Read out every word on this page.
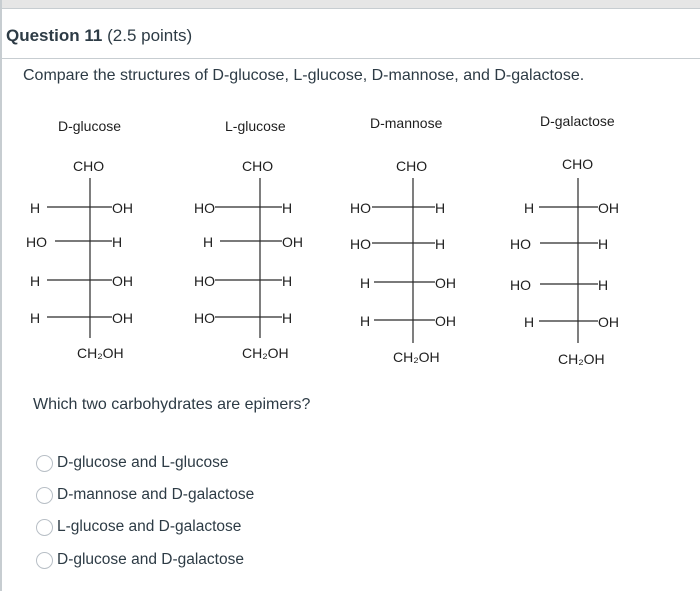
Question 11 (2.5 points)
Compare the structures of D-glucose, L-glucose, D-mannose, and D-galactose.
D-glucose
CHO
H	OH
HO	H
H	OH
H	OH
CH₂OH
L-glucose
CHO
HO	H
H	OH
HO	H
HO	H
CH₂OH
D-mannose
CHO
HO	H
HO	H
H	OH
H	OH
CH₂OH
D-galactose
CHO
H	OH
HO	H
HO	H
H	OH
CH₂OH
Which two carbohydrates are epimers?
D-glucose and L-glucose
D-mannose and D-galactose
L-glucose and D-galactose
D-glucose and D-galactose
